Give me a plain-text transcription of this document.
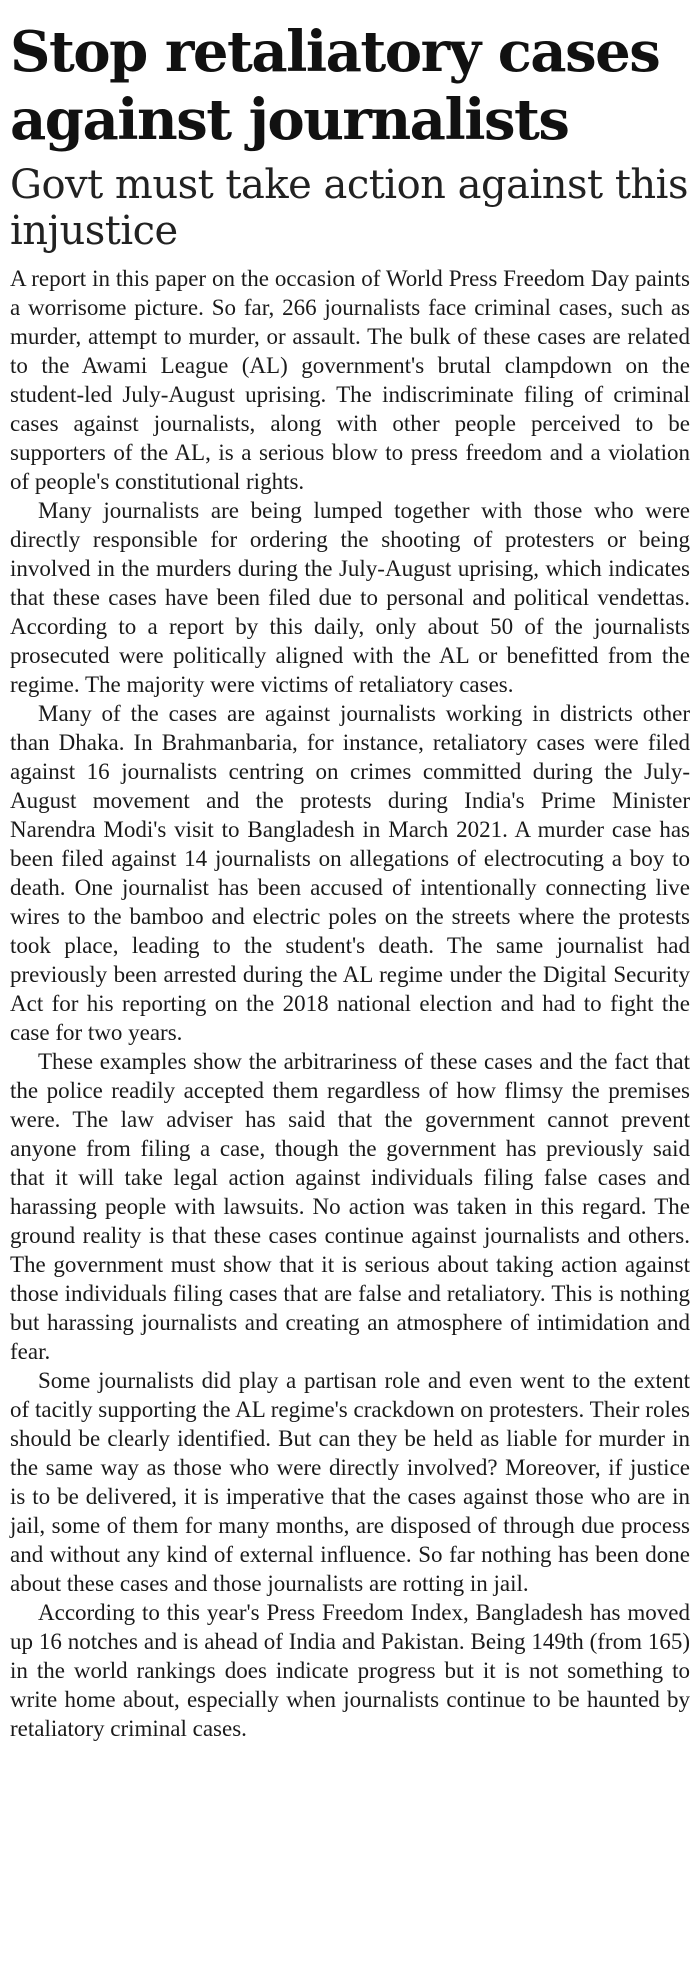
Stop retaliatory cases against journalists
Govt must take action against this injustice

A report in this paper on the occasion of World Press Freedom Day paints a worrisome picture. So far, 266 journalists face criminal cases, such as murder, attempt to murder, or assault. The bulk of these cases are related to the Awami League (AL) government's brutal clampdown on the student-led July-August uprising. The indiscriminate filing of criminal cases against journalists, along with other people perceived to be supporters of the AL, is a serious blow to press freedom and a violation of people's constitutional rights.

Many journalists are being lumped together with those who were directly responsible for ordering the shooting of protesters or being involved in the murders during the July-August uprising, which indicates that these cases have been filed due to personal and political vendettas. According to a report by this daily, only about 50 of the journalists prosecuted were politically aligned with the AL or benefitted from the regime. The majority were victims of retaliatory cases.

Many of the cases are against journalists working in districts other than Dhaka. In Brahmanbaria, for instance, retaliatory cases were filed against 16 journalists centring on crimes committed during the July-August movement and the protests during India's Prime Minister Narendra Modi's visit to Bangladesh in March 2021. A murder case has been filed against 14 journalists on allegations of electrocuting a boy to death. One journalist has been accused of intentionally connecting live wires to the bamboo and electric poles on the streets where the protests took place, leading to the student's death. The same journalist had previously been arrested during the AL regime under the Digital Security Act for his reporting on the 2018 national election and had to fight the case for two years.

These examples show the arbitrariness of these cases and the fact that the police readily accepted them regardless of how flimsy the premises were. The law adviser has said that the government cannot prevent anyone from filing a case, though the government has previously said that it will take legal action against individuals filing false cases and harassing people with lawsuits. No action was taken in this regard. The ground reality is that these cases continue against journalists and others. The government must show that it is serious about taking action against those individuals filing cases that are false and retaliatory. This is nothing but harassing journalists and creating an atmosphere of intimidation and fear.

Some journalists did play a partisan role and even went to the extent of tacitly supporting the AL regime's crackdown on protesters. Their roles should be clearly identified. But can they be held as liable for murder in the same way as those who were directly involved? Moreover, if justice is to be delivered, it is imperative that the cases against those who are in jail, some of them for many months, are disposed of through due process and without any kind of external influence. So far nothing has been done about these cases and those journalists are rotting in jail.

According to this year's Press Freedom Index, Bangladesh has moved up 16 notches and is ahead of India and Pakistan. Being 149th (from 165) in the world rankings does indicate progress but it is not something to write home about, especially when journalists continue to be haunted by retaliatory criminal cases.
